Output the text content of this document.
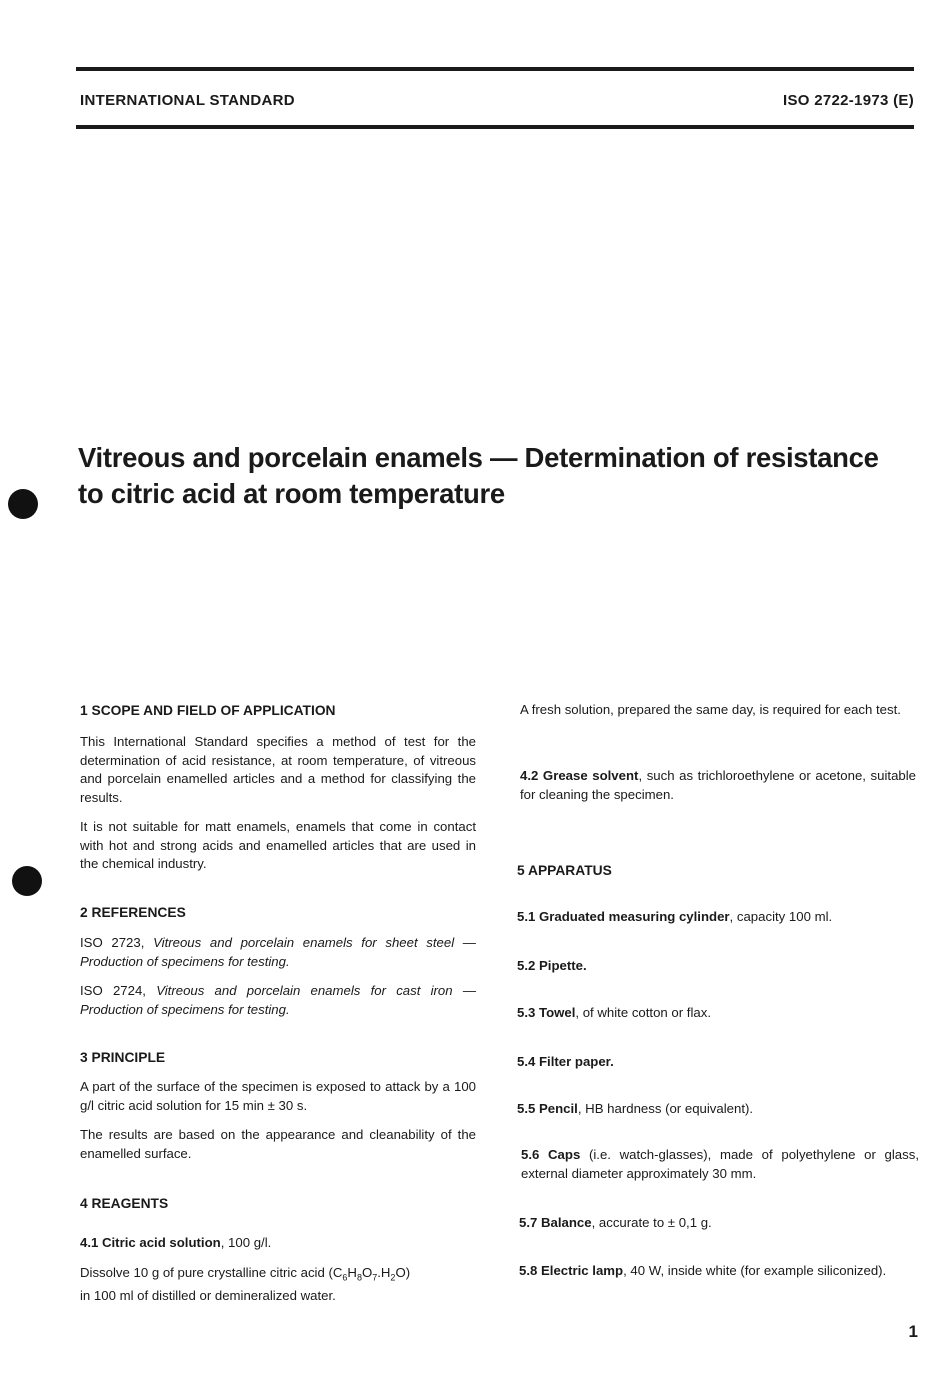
INTERNATIONAL STANDARD	ISO 2722-1973 (E)
Vitreous and porcelain enamels — Determination of resistance
to citric acid at room temperature
1 SCOPE AND FIELD OF APPLICATION
This International Standard specifies a method of test for the determination of acid resistance, at room temperature, of vitreous and porcelain enamelled articles and a method for classifying the results.
It is not suitable for matt enamels, enamels that come in contact with hot and strong acids and enamelled articles that are used in the chemical industry.
2 REFERENCES
ISO 2723, Vitreous and porcelain enamels for sheet steel — Production of specimens for testing.
ISO 2724, Vitreous and porcelain enamels for cast iron — Production of specimens for testing.
3 PRINCIPLE
A part of the surface of the specimen is exposed to attack by a 100 g/l citric acid solution for 15 min ± 30 s.
The results are based on the appearance and cleanability of the enamelled surface.
4 REAGENTS
4.1 Citric acid solution, 100 g/l.
Dissolve 10 g of pure crystalline citric acid $(C_6H_8O_7.H_2O)$
in 100 ml of distilled or demineralized water.
A fresh solution, prepared the same day, is required for each test.
4.2 Grease solvent, such as trichloroethylene or acetone, suitable for cleaning the specimen.
5 APPARATUS
5.1 Graduated measuring cylinder, capacity 100 ml.
5.2 Pipette.
5.3 Towel, of white cotton or flax.
5.4 Filter paper.
5.5 Pencil, HB hardness (or equivalent).
5.6 Caps (i.e. watch-glasses), made of polyethylene or glass, external diameter approximately 30 mm.
5.7 Balance, accurate to ± 0,1 g.
5.8 Electric lamp, 40 W, inside white (for example siliconized).
1
